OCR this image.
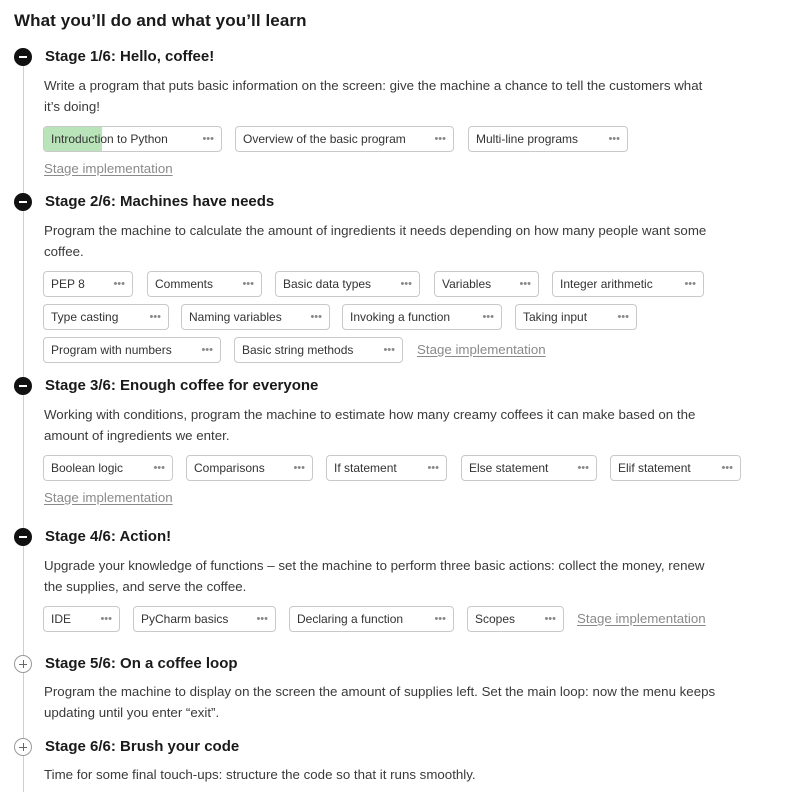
What you’ll do and what you’ll learn
Stage 1/6: Hello, coffee!
Write a program that puts basic information on the screen: give the machine a chance to tell the customers what
it’s doing!
Introduction to Python	•••	Overview of the basic program	•••	Multi-line programs	•••
Stage implementation
Stage 2/6: Machines have needs
Program the machine to calculate the amount of ingredients it needs depending on how many people want some
coffee.
PEP 8	•••	Comments	•••	Basic data types	•••	Variables	•••	Integer arithmetic	•••
Type casting	•••	Naming variables	•••	Invoking a function	•••	Taking input	•••
Program with numbers	•••	Basic string methods	••• Stage implementation
Stage 3/6: Enough coffee for everyone
Working with conditions, program the machine to estimate how many creamy coffees it can make based on the
amount of ingredients we enter.
Boolean logic	•••	Comparisons	•••	If statement	•••	Else statement	•••	Elif statement	•••
Stage implementation
Stage 4/6: Action!
Upgrade your knowledge of functions – set the machine to perform three basic actions: collect the money, renew
the supplies, and serve the coffee.
IDE	•••	PyCharm basics	•••	Declaring a function	•••	Scopes	••• Stage implementation
Stage 5/6: On a coffee loop
Program the machine to display on the screen the amount of supplies left. Set the main loop: now the menu keeps
updating until you enter “exit”.
Stage 6/6: Brush your code
Time for some final touch-ups: structure the code so that it runs smoothly.
